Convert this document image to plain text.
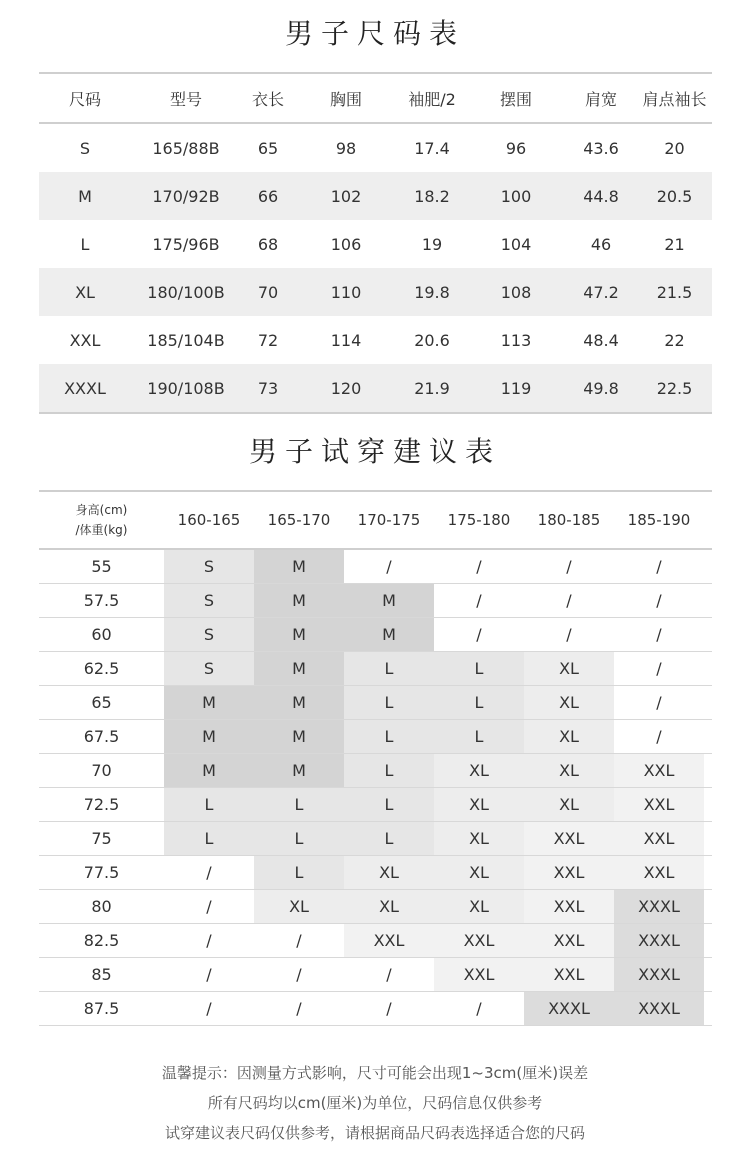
男子尺码表
尺码	型号	衣长	胸围	袖肥/2	摆围	肩宽	肩点袖长
S	165/88B	65	98	17.4	96	43.6	20
M	170/92B	66	102	18.2	100	44.8	20.5
L	175/96B	68	106	19	104	46	21
XL	180/100B	70	110	19.8	108	47.2	21.5
XXL	185/104B	72	114	20.6	113	48.4	22
XXXL	190/108B	73	120	21.9	119	49.8	22.5
男子试穿建议表
身高(cm)
/体重(kg)
160-165	165-170	170-175	175-180	180-185	185-190
55	S	M	/	/	/	/
57.5	S	M	M	/	/	/
60	S	M	M	/	/	/
62.5	S	M	L	L	XL	/
65	M	M	L	L	XL	/
67.5	M	M	L	L	XL	/
70	M	M	L	XL	XL	XXL
72.5	L	L	L	XL	XL	XXL
75	L	L	L	XL	XXL	XXL
77.5	/	L	XL	XL	XXL	XXL
80	/	XL	XL	XL	XXL	XXXL
82.5	/	/	XXL	XXL	XXL	XXXL
85	/	/	/	XXL	XXL	XXXL
87.5	/	/	/	/	XXXL	XXXL
温馨提示：因测量方式影响，尺寸可能会出现1~3cm(厘米)误差
所有尺码均以cm(厘米)为单位，尺码信息仅供参考
试穿建议表尺码仅供参考，请根据商品尺码表选择适合您的尺码
